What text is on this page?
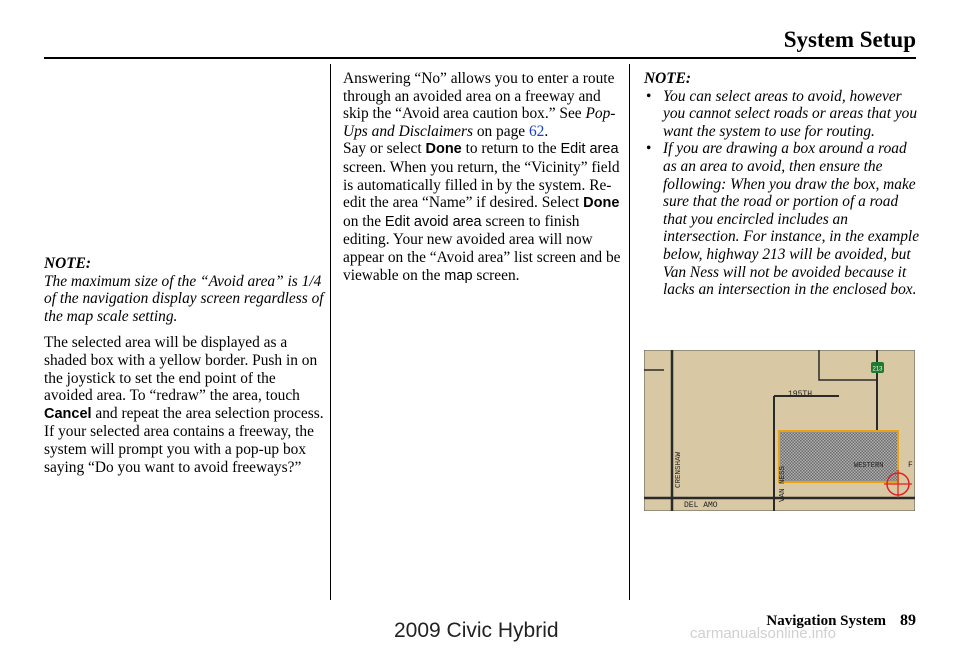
System Setup

NOTE:

The maximum size of the “Avoid area” is 1/4 of the navigation display screen regardless of the map scale setting.

The selected area will be displayed as a shaded box with a yellow border. Push in on the joystick to set the end point of the avoided area. To “redraw” the area, touch Cancel and repeat the area selection process. If your selected area contains a freeway, the system will prompt you with a pop-up box saying “Do you want to avoid freeways?”

Answering “No” allows you to enter a route through an avoided area on a freeway and skip the “Avoid area caution box.” See Pop-Ups and Disclaimers on page 62.

Say or select Done to return to the Edit area screen. When you return, the “Vicinity” field is automatically filled in by the system. Re-edit the area “Name” if desired. Select Done on the Edit avoid area screen to finish editing. Your new avoided area will now appear on the “Avoid area” list screen and be viewable on the map screen.

NOTE:

• You can select areas to avoid, however you cannot select roads or areas that you want the system to use for routing.
• If you are drawing a box around a road as an area to avoid, then ensure the following: When you draw the box, make sure that the road or portion of a road that you encircled includes an intersection. For instance, in the example below, highway 213 will be avoided, but Van Ness will not be avoided because it lacks an intersection in the enclosed box.
195TH
WESTERN	F
DEL AMO
CRENSHAW	VAN NESS
213
Navigation System 89
2009 Civic Hybrid	carmanualsonline.info
